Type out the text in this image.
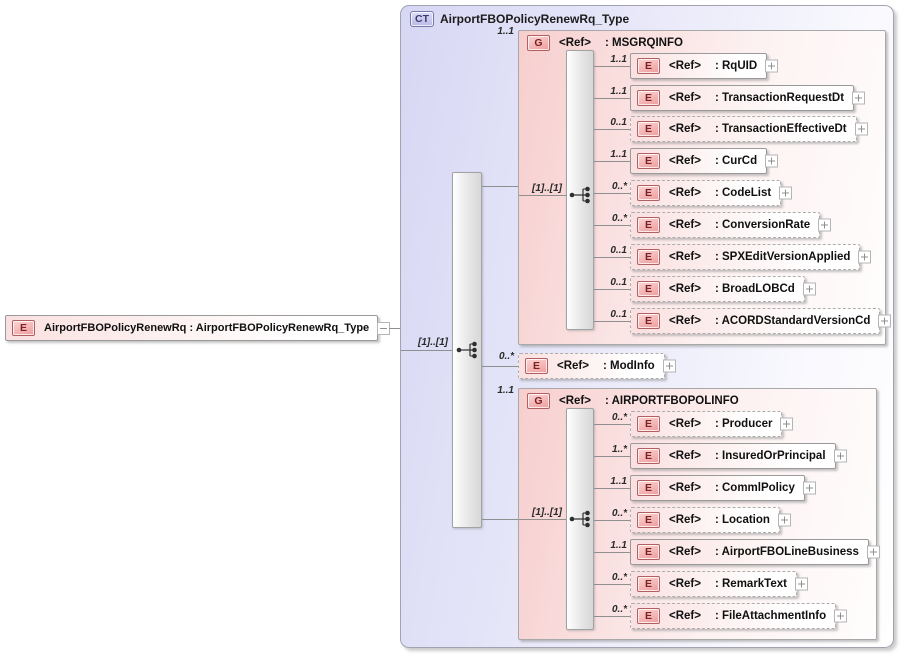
E	AirportFBOPolicyRenewRq : AirportFBOPolicyRenewRq_Type
CT AirportFBOPolicyRenewRq_Type
[1]..[1]
1..1
G	<Ref> : MSGRQINFO
[1]..[1]
1..1
E	<Ref> : RqUID
1..1
E	<Ref> : TransactionRequestDt
0..1
E	<Ref> : TransactionEffectiveDt
1..1
E	<Ref> : CurCd
0..*
E	<Ref> : CodeList
0..*
E	<Ref> : ConversionRate
0..1
E	<Ref> : SPXEditVersionApplied
0..1
E	<Ref> : BroadLOBCd
0..1
E	<Ref> : ACORDStandardVersionCd
0..*
E	<Ref> : ModInfo
1..1
G	<Ref> : AIRPORTFBOPOLINFO
[1]..[1]
0..*
E	<Ref> : Producer
1..*
E	<Ref> : InsuredOrPrincipal
1..1
E	<Ref> : CommlPolicy
0..*
E	<Ref> : Location
1..1
E	<Ref> : AirportFBOLineBusiness
0..*
E	<Ref> : RemarkText
0..*
E	<Ref> : FileAttachmentInfo
